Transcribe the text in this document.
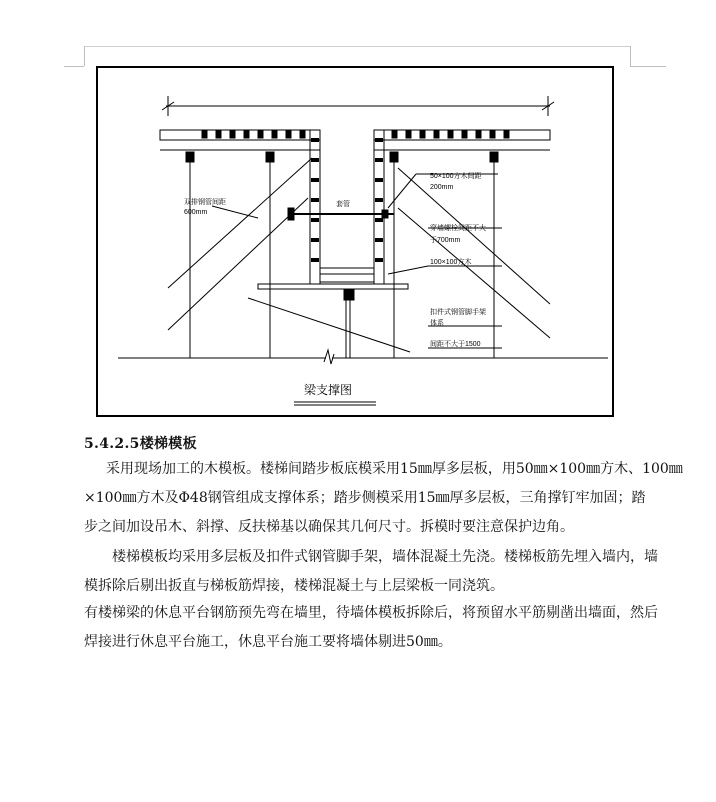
双排钢管间距
600mm
50×100方木间距
200mm
套管
穿墙螺栓间距不大
于700mm
100×100方木
扣件式钢管脚手架
体系
间距不大于1500
梁支撑图
5.4.2.5楼梯模板
采用现场加工的木模板。楼梯间踏步板底模采用15㎜厚多层板，用50㎜×100㎜方木、100㎜
×100㎜方木及Φ48钢管组成支撑体系；踏步侧模采用15㎜厚多层板，三角撑钉牢加固；踏
步之间加设吊木、斜撑、反扶梯基以确保其几何尺寸。拆模时要注意保护边角。
楼梯模板均采用多层板及扣件式钢管脚手架，墙体混凝土先浇。楼梯板筋先埋入墙内，墙
模拆除后剔出扳直与梯板筋焊接，楼梯混凝土与上层梁板一同浇筑。
有楼梯梁的休息平台钢筋预先弯在墙里，待墙体模板拆除后，将预留水平筋剔凿出墙面，然后
焊接进行休息平台施工，休息平台施工要将墙体剔进50㎜。
